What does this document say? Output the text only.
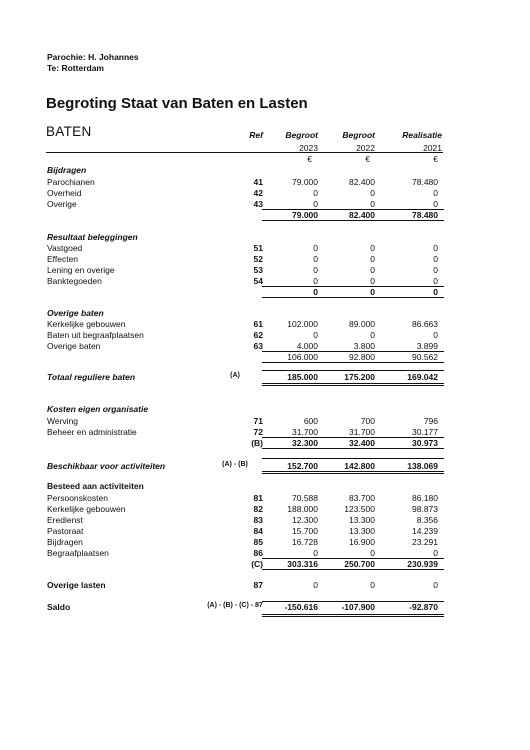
Parochie: H. Johannes
Te: Rotterdam
Begroting Staat van Baten en Lasten
BATEN	Ref	Begroot	Begroot	Realisatie
2023	2022	2021
€	€	€
Bijdragen
Parochianen	41	79.000	82.400	78.480
Overheid	42	0	0	0
Overige	43	0	0	0
79.000	82.400	78.480
Resultaat beleggingen
Vastgoed	51	0	0	0
Effecten	52	0	0	0
Lening en overige	53	0	0	0
Banktegoeden	54	0	0	0
0	0	0
Overige baten
Kerkelijke gebouwen	61	102.000	89.000	86.663
Baten uit begraafplaatsen	62	0	0	0
Overige baten	63	4.000	3.800	3.899
106.000	92.800	90.562
Totaal reguliere baten	(A)	185.000	175.200	169.042
Kosten eigen organisatie
Werving	71	600	700	796
Beheer en administratie	72	31.700	31.700	30.177
(B)	32.300	32.400	30.973
Beschikbaar voor activiteiten	(A) - (B)	152.700	142.800	138.069
Besteed aan activiteiten
Persoonskosten	81	70.588	83.700	86.180
Kerkelijke gebouwen	82	188.000	123.500	98.873
Eredienst	83	12.300	13.300	8.356
Pastoraat	84	15.700	13.300	14.239
Bijdragen	85	16.728	16.900	23.291
Begraafplaatsen	86	0	0	0
(C)	303.316	250.700	230.939
Overige lasten	87	0	0	0
Saldo	(A) - (B) - (C) - 87	-150.616	-107.900	-92.870
